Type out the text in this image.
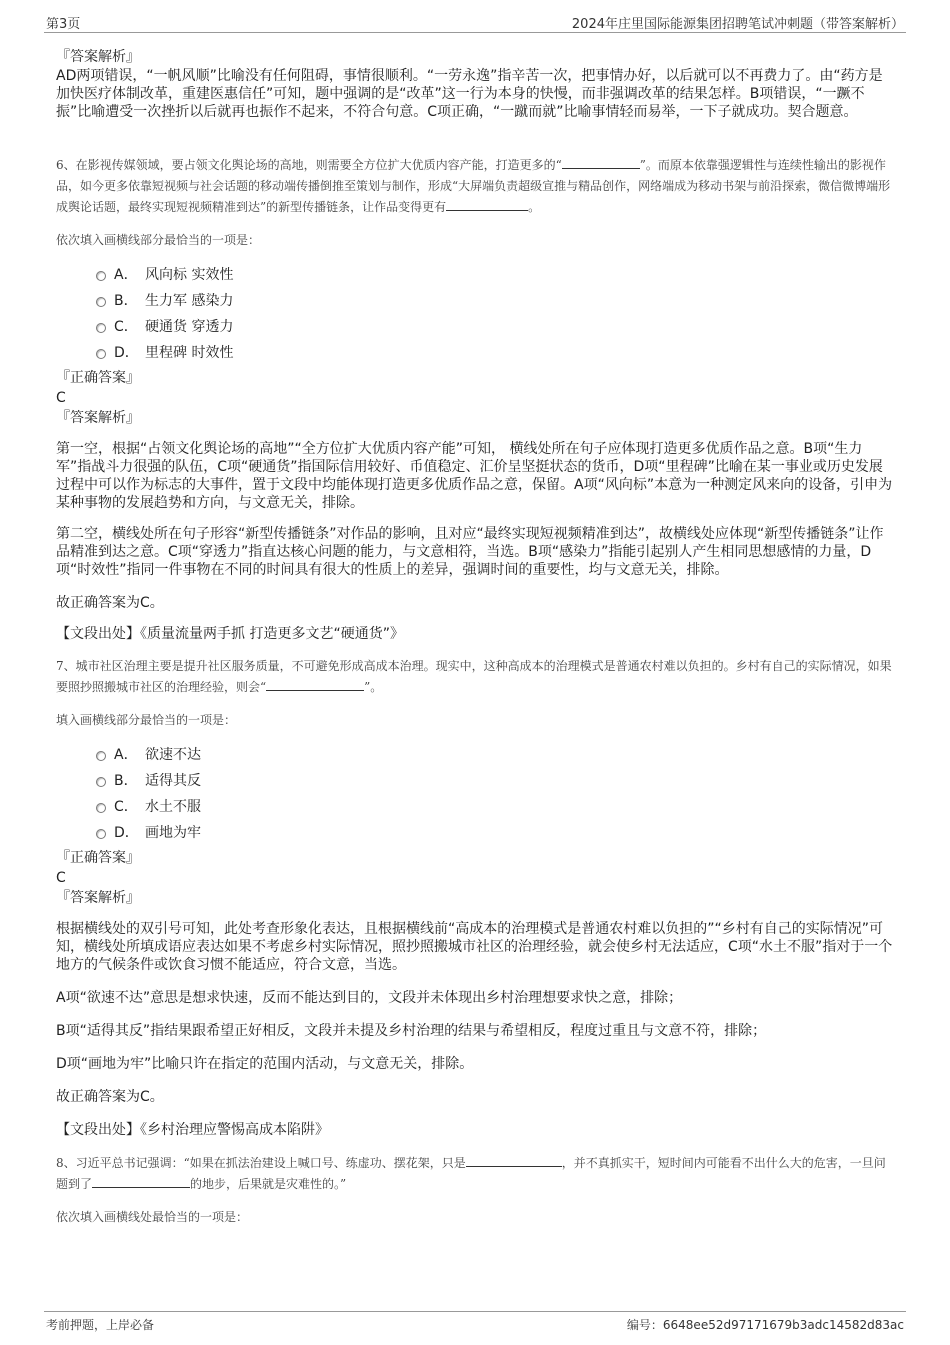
第3页	2024年庄里国际能源集团招聘笔试冲刺题（带答案解析）

『答案解析』

AD两项错误，“一帆风顺”比喻没有任何阻碍，事情很顺利。“一劳永逸”指辛苦一次，把事情办好，以后就可以不再费力了。由“药方是加快医疗体制改革，重建医惠信任”可知，题中强调的是“改革”这一行为本身的快慢，而非强调改革的结果怎样。B项错误，“一蹶不振”比喻遭受一次挫折以后就再也振作不起来，不符合句意。C项正确，“一蹴而就”比喻事情轻而易举，一下子就成功。契合题意。

6、在影视传媒领域，要占领文化舆论场的高地，则需要全方位扩大优质内容产能，打造更多的“	”。而原本依靠强逻辑性与连续性输出的影视作品，如今更多依靠短视频与社会话题的移动端传播倒推至策划与制作，形成“大屏端负责超级宣推与精品创作，网络端成为移动书架与前沿探索，微信微博端形成舆论话题，最终实现短视频精准到达”的新型传播链条，让作品变得更有	。

依次填入画横线部分最恰当的一项是：

A． 风向标 实效性
B． 生力军 感染力
C． 硬通货 穿透力
D． 里程碑 时效性

『正确答案』

C

『答案解析』

第一空，根据“占领文化舆论场的高地”“全方位扩大优质内容产能”可知， 横线处所在句子应体现打造更多优质作品之意。B项“生力军”指战斗力很强的队伍，C项“硬通货”指国际信用较好、币值稳定、汇价呈坚挺状态的货币，D项“里程碑”比喻在某一事业或历史发展过程中可以作为标志的大事件，置于文段中均能体现打造更多优质作品之意，保留。A项“风向标”本意为一种测定风来向的设备，引申为某种事物的发展趋势和方向，与文意无关，排除。

第二空，横线处所在句子形容“新型传播链条”对作品的影响，且对应“最终实现短视频精准到达”，故横线处应体现“新型传播链条”让作品精准到达之意。C项“穿透力”指直达核心问题的能力，与文意相符，当选。B项“感染力”指能引起别人产生相同思想感情的力量，D项“时效性”指同一件事物在不同的时间具有很大的性质上的差异，强调时间的重要性，均与文意无关，排除。

故正确答案为C。

【文段出处】《质量流量两手抓 打造更多文艺“硬通货”》

7、城市社区治理主要是提升社区服务质量，不可避免形成高成本治理。现实中，这种高成本的治理模式是普通农村难以负担的。乡村有自己的实际情况，如果要照抄照搬城市社区的治理经验，则会“	”。

填入画横线部分最恰当的一项是：

A． 欲速不达
B． 适得其反
C． 水土不服
D． 画地为牢

『正确答案』

C

『答案解析』

根据横线处的双引号可知，此处考查形象化表达，且根据横线前“高成本的治理模式是普通农村难以负担的”“乡村有自己的实际情况”可知，横线处所填成语应表达如果不考虑乡村实际情况，照抄照搬城市社区的治理经验，就会使乡村无法适应，C项“水土不服”指对于一个地方的气候条件或饮食习惯不能适应，符合文意，当选。

A项“欲速不达”意思是想求快速，反而不能达到目的，文段并未体现出乡村治理想要求快之意，排除；

B项“适得其反”指结果跟希望正好相反，文段并未提及乡村治理的结果与希望相反，程度过重且与文意不符，排除；

D项“画地为牢”比喻只许在指定的范围内活动，与文意无关，排除。

故正确答案为C。

【文段出处】《乡村治理应警惕高成本陷阱》

8、习近平总书记强调：“如果在抓法治建设上喊口号、练虚功、摆花架，只是	，并不真抓实干，短时间内可能看不出什么大的危害，一旦问题到了	的地步，后果就是灾难性的。”

依次填入画横线处最恰当的一项是：

考前押题，上岸必备	编号：6648ee52d97171679b3adc14582d83ac
